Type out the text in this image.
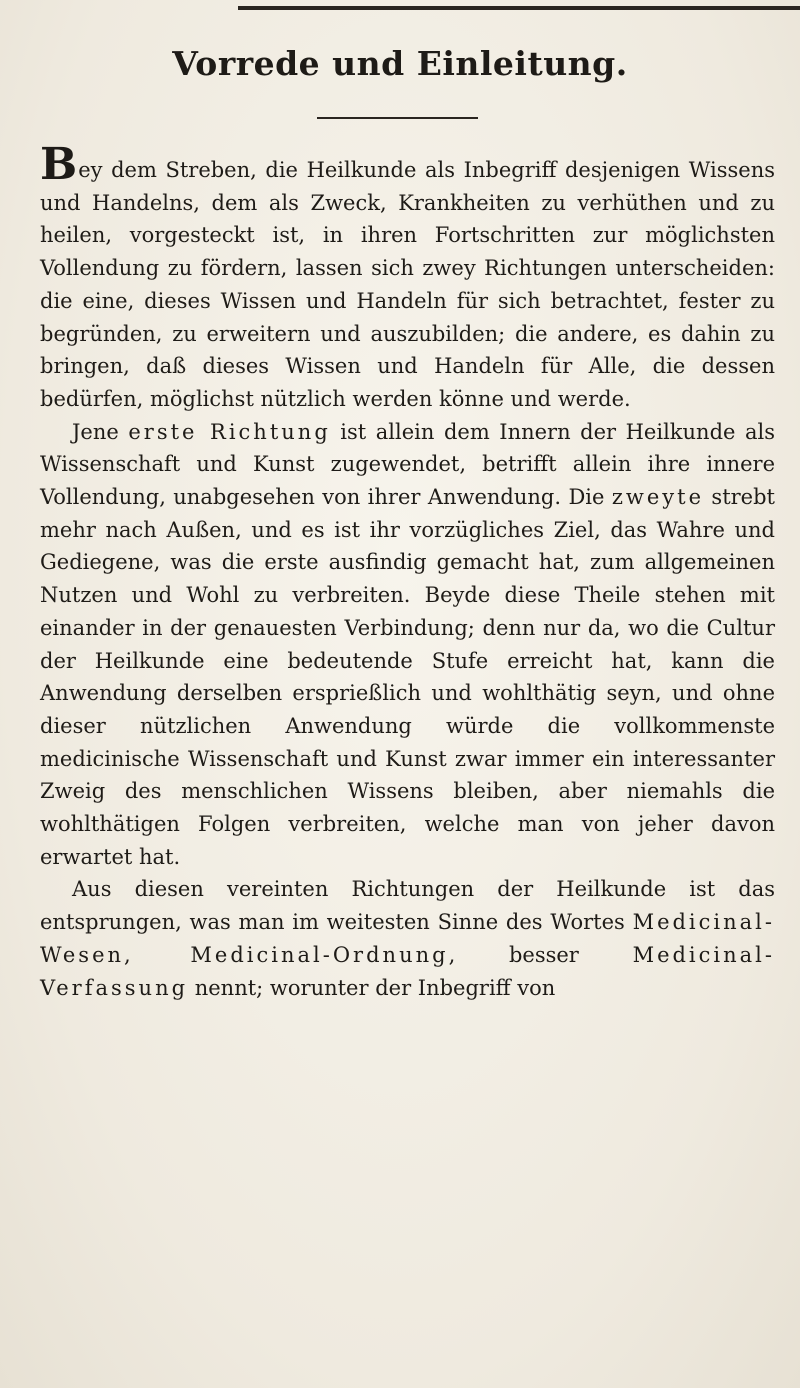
Vorrede und Einleitung.

Bey dem Streben, die Heilkunde als Inbegriff desjenigen Wissens und Handelns, dem als Zweck, Krankheiten zu verhüthen und zu heilen, vorgesteckt ist, in ihren Fortschritten zur möglichsten Vollendung zu fördern, lassen sich zwey Richtungen unterscheiden: die eine, dieses Wissen und Handeln für sich betrachtet, fester zu begründen, zu erweitern und auszubilden; die andere, es dahin zu bringen, daß dieses Wissen und Handeln für Alle, die dessen bedürfen, möglichst nützlich werden könne und werde.

Jene erste Richtung ist allein dem Innern der Heilkunde als Wissenschaft und Kunst zugewendet, betrifft allein ihre innere Vollendung, unabgesehen von ihrer Anwendung. Die zweyte strebt mehr nach Außen, und es ist ihr vorzügliches Ziel, das Wahre und Gediegene, was die erste ausfindig gemacht hat, zum allgemeinen Nutzen und Wohl zu verbreiten. Beyde diese Theile stehen mit einander in der genauesten Verbindung; denn nur da, wo die Cultur der Heilkunde eine bedeutende Stufe erreicht hat, kann die Anwendung derselben ersprießlich und wohlthätig seyn, und ohne dieser nützlichen Anwendung würde die vollkommenste medicinische Wissenschaft und Kunst zwar immer ein interessanter Zweig des menschlichen Wissens bleiben, aber niemahls die wohlthätigen Folgen verbreiten, welche man von jeher davon erwartet hat.

Aus diesen vereinten Richtungen der Heilkunde ist das entsprungen, was man im weitesten Sinne des Wortes Medicinal-Wesen, Medicinal-Ordnung, besser Medicinal-Verfassung nennt; worunter der Inbegriff von
